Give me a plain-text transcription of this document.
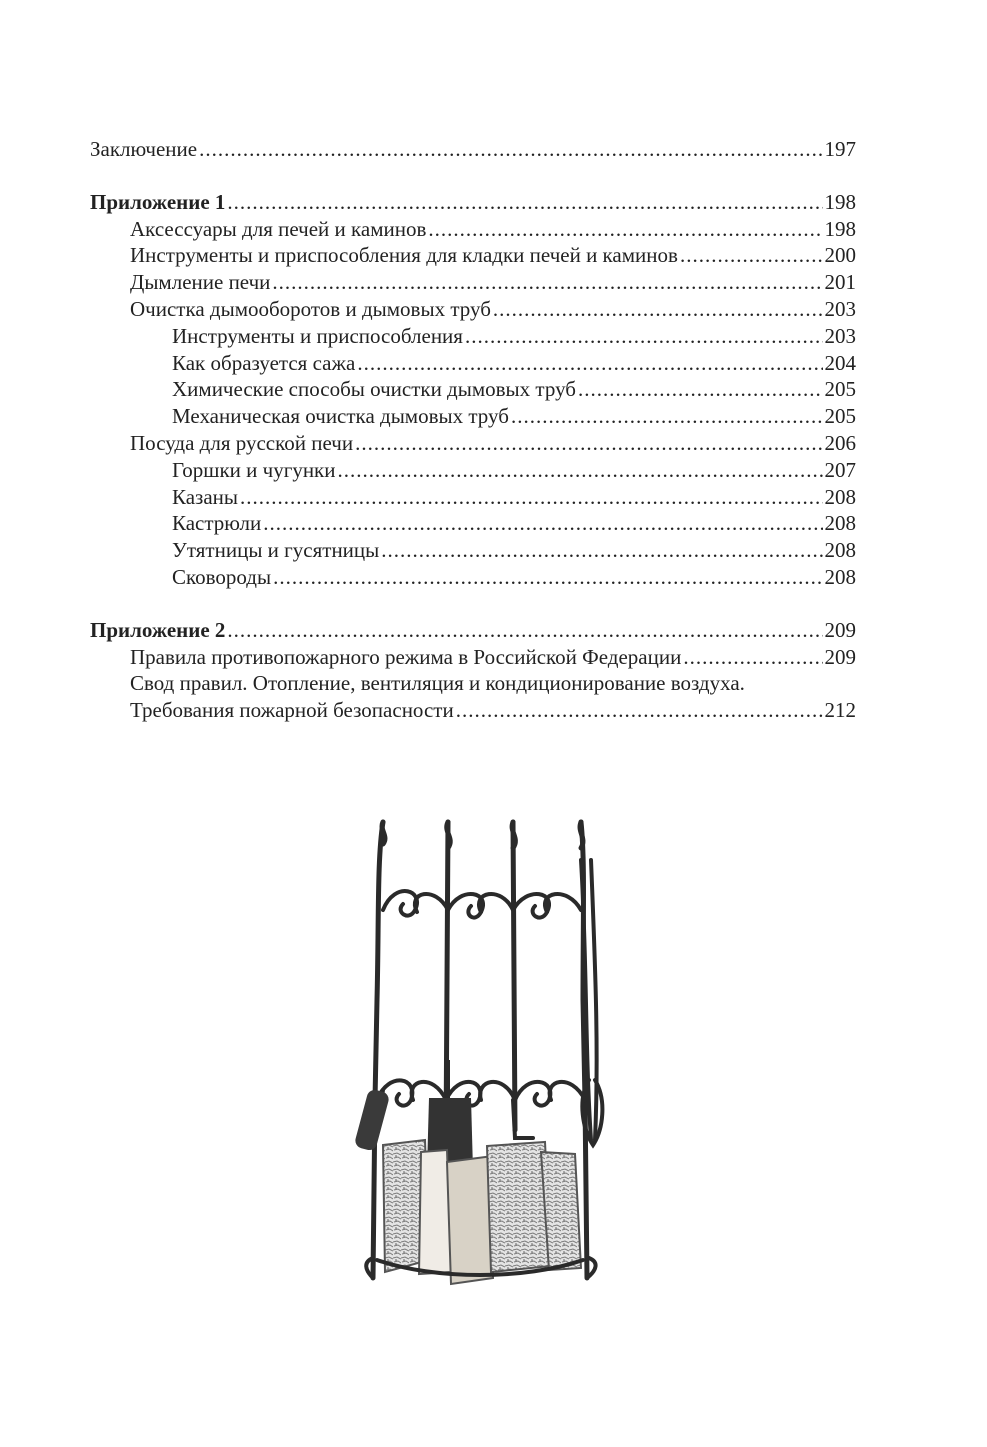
Заключение .....	197
Приложение 1 .....	198
Аксессуары для печей и каминов .....	198
Инструменты и приспособления для кладки печей и каминов .....	200
Дымление печи .....	201
Очистка дымооборотов и дымовых труб .....	203
Инструменты и приспособления .....	203
Как образуется сажа .....	204
Химические способы очистки дымовых труб .....	205
Механическая очистка дымовых труб .....	205
Посуда для русской печи .....	206
Горшки и чугунки .....	207
Казаны .....	208
Кастрюли .....	208
Утятницы и гусятницы .....	208
Сковороды .....	208
Приложение 2 .....	209
Правила противопожарного режима в Российской Федерации .....	209
Свод правил. Отопление, вентиляция и кондиционирование воздуха.
Требования пожарной безопасности .....	212
